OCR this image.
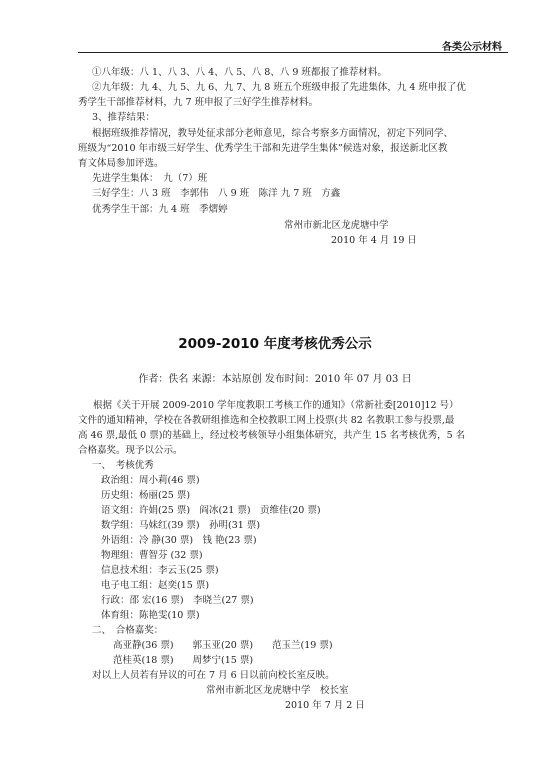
各类公示材料
①八年级：八 1、八 3、八 4、八 5、八 8、八 9 班都报了推荐材料。
②九年级：九 4、九 5、九 6、九 7、九 8 班五个班级申报了先进集体，九 4 班申报了优
秀学生干部推荐材料，九 7 班申报了三好学生推荐材料。
3、推荐结果：
根据班级推荐情况，教导处征求部分老师意见，综合考察多方面情况，初定下列同学、
班级为“2010 年市级三好学生、优秀学生干部和先进学生集体”候选对象，报送新北区教
育文体局参加评选。
先进学生集体：　九（7）班
三好学生：八 3 班　李郭伟　八 9 班　陈洋 九 7 班　方鑫
优秀学生干部：九 4 班　季熠婷
常州市新北区龙虎塘中学
2010 年 4 月 19 日
2009-2010 年度考核优秀公示
作者：佚名 来源：本站原创 发布时间：2010 年 07 月 03 日
根据《关于开展 2009-2010 学年度教职工考核工作的通知》（常新社委[2010]12 号）
文件的通知精神，学校在各教研组推选和全校教职工网上投票(共 82 名教职工参与投票,最
高 46 票,最低 0 票)的基础上，经过校考核领导小组集体研究，共产生 15 名考核优秀，5 名
合格嘉奖。现予以公示。
一、　考核优秀
政治组：周小莉(46 票)
历史组：杨丽(25 票)
语文组：许娟(25 票)　阎冰(21 票)　贡维佳(20 票)
数学组：马妹红(39 票)　孙明(31 票)
外语组：冷 静(30 票)　钱 艳(23 票)
物理组：曹智芬 (32 票)
信息技术组：李云玉(25 票)
电子电工组：赵奕(15 票)
行政：邵 宏(16 票)　李晓兰(27 票)
体育组：陈艳雯(10 票)
二、　合格嘉奖：
高亚静(36 票)　　郭玉亚(20 票)　　范玉兰(19 票)
范桂英(18 票)　　周梦宁(15 票)
对以上人员若有异议的可在 7 月 6 日以前向校长室反映。
常州市新北区龙虎塘中学　校长室
2010 年 7 月 2 日
